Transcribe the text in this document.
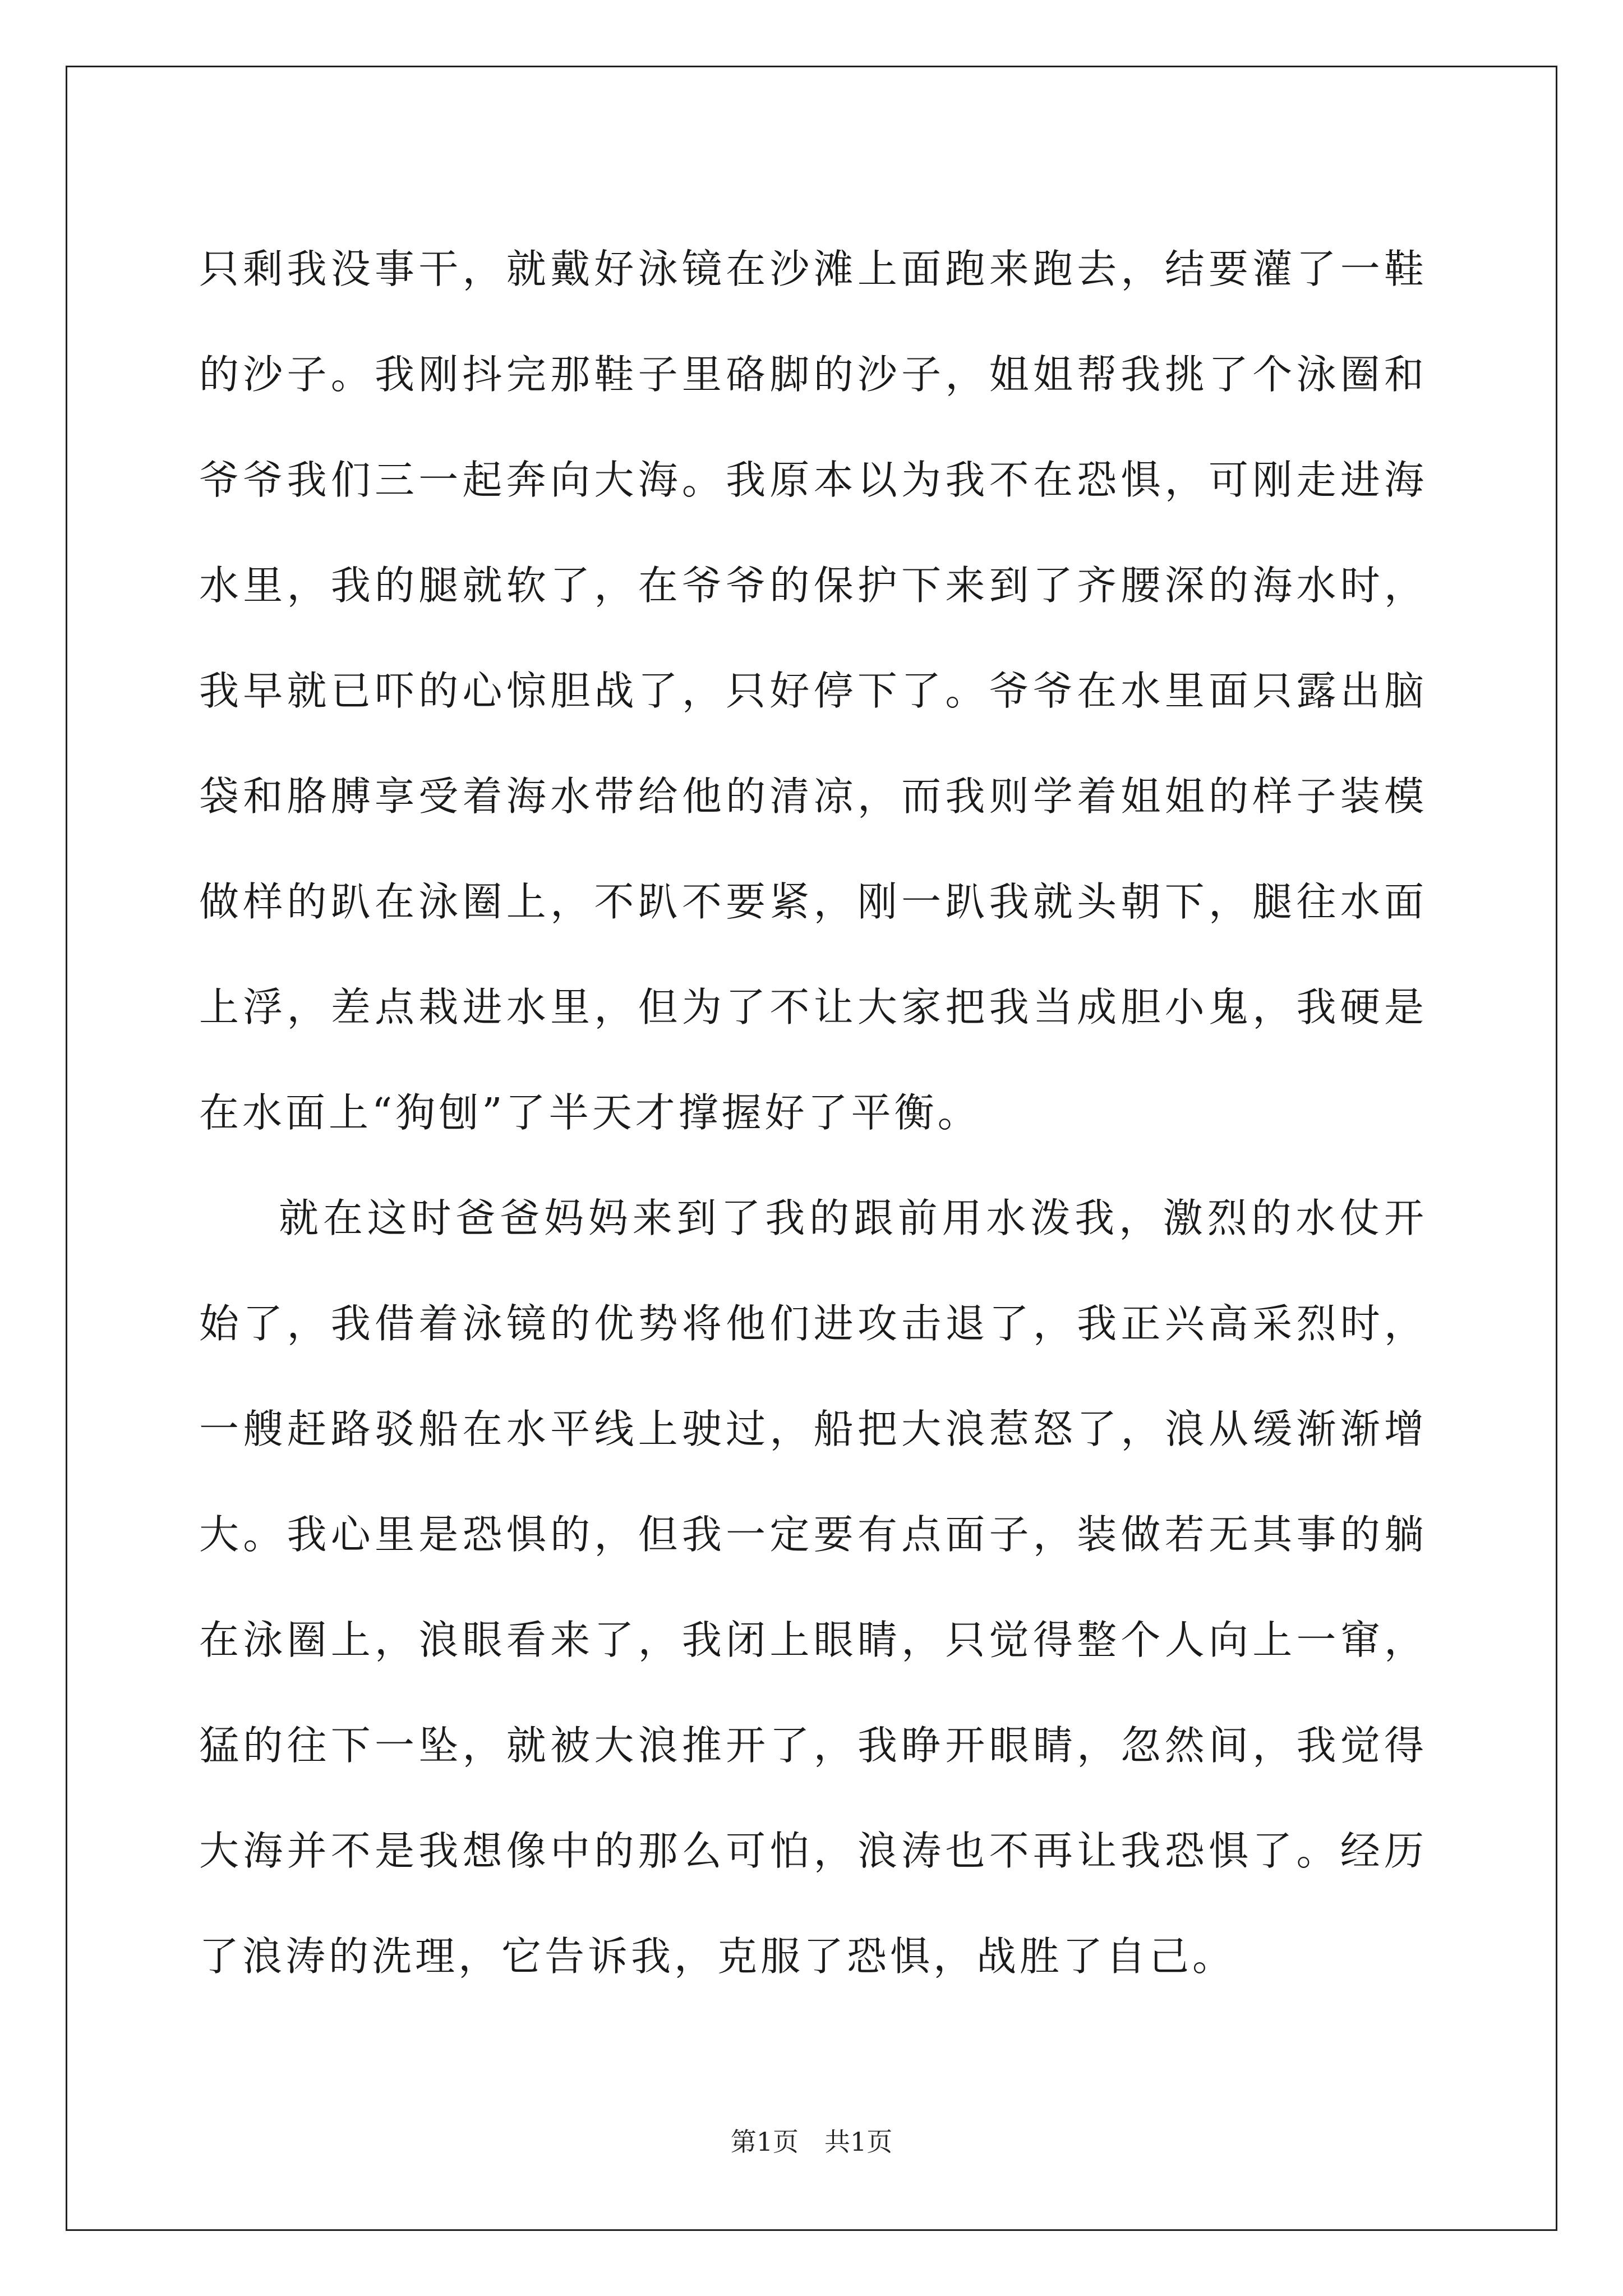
只剩我没事干，就戴好泳镜在沙滩上面跑来跑去，结要灌了一鞋的沙子。我刚抖完那鞋子里硌脚的沙子，姐姐帮我挑了个泳圈和爷爷我们三一起奔向大海。我原本以为我不在恐惧，可刚走进海水里，我的腿就软了，在爷爷的保护下来到了齐腰深的海水时，我早就已吓的心惊胆战了，只好停下了。爷爷在水里面只露出脑袋和胳膊享受着海水带给他的清凉，而我则学着姐姐的样子装模做样的趴在泳圈上，不趴不要紧，刚一趴我就头朝下，腿往水面上浮，差点栽进水里，但为了不让大家把我当成胆小鬼，我硬是在水面上“狗刨”了半天才撑握好了平衡。

就在这时爸爸妈妈来到了我的跟前用水泼我，激烈的水仗开始了，我借着泳镜的优势将他们进攻击退了，我正兴高采烈时，一艘赶路驳船在水平线上驶过，船把大浪惹怒了，浪从缓渐渐增大。我心里是恐惧的，但我一定要有点面子，装做若无其事的躺在泳圈上，浪眼看来了，我闭上眼睛，只觉得整个人向上一窜，猛的往下一坠，就被大浪推开了，我睁开眼睛，忽然间，我觉得大海并不是我想像中的那么可怕，浪涛也不再让我恐惧了。经历了浪涛的洗理，它告诉我，克服了恐惧，战胜了自己。

第1页　共1页
